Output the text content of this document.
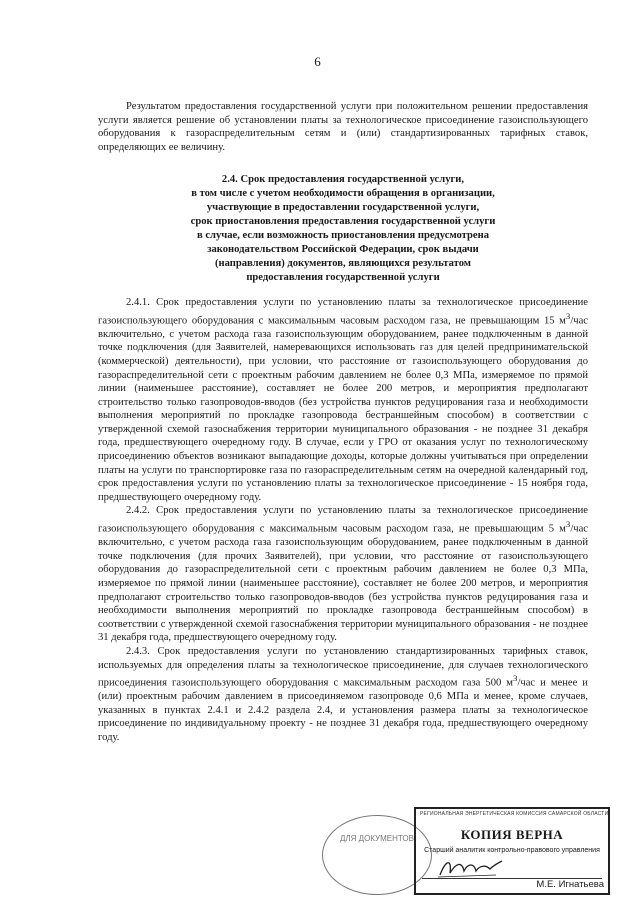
6
Результатом предоставления государственной услуги при положительном решении предоставления услуги является решение об установлении платы за технологическое присоединение газоиспользующего оборудования к газораспределительным сетям и (или) стандартизированных тарифных ставок, определяющих ее величину.
2.4. Срок предоставления государственной услуги,
в том числе с учетом необходимости обращения в организации,
участвующие в предоставлении государственной услуги,
срок приостановления предоставления государственной услуги
в случае, если возможность приостановления предусмотрена
законодательством Российской Федерации, срок выдачи
(направления) документов, являющихся результатом
предоставления государственной услуги

2.4.1. Срок предоставления услуги по установлению платы за технологическое присоединение газоиспользующего оборудования с максимальным часовым расходом газа, не превышающим 15 $м^3$/час включительно, с учетом расхода газа газоиспользующим оборудованием, ранее подключенным в данной точке подключения (для Заявителей, намеревающихся использовать газ для целей предпринимательской (коммерческой) деятельности), при условии, что расстояние от газоиспользующего оборудования до газораспределительной сети с проектным рабочим давлением не более 0,3 МПа, измеряемое по прямой линии (наименьшее расстояние), составляет не более 200 метров, и мероприятия предполагают строительство только газопроводов-вводов (без устройства пунктов редуцирования газа и необходимости выполнения мероприятий по прокладке газопровода бестраншейным способом) в соответствии с утвержденной схемой газоснабжения территории муниципального образования - не позднее 31 декабря года, предшествующего очередному году. В случае, если у ГРО от оказания услуг по технологическому присоединению объектов возникают выпадающие доходы, которые должны учитываться при определении платы на услуги по транспортировке газа по газораспределительным сетям на очередной календарный год, срок предоставления услуги по установлению платы за технологическое присоединение - 15 ноября года, предшествующего очередному году.

2.4.2. Срок предоставления услуги по установлению платы за технологическое присоединение газоиспользующего оборудования с максимальным часовым расходом газа, не превышающим 5 $м^3$/час включительно, с учетом расхода газа газоиспользующим оборудованием, ранее подключенным в данной точке подключения (для прочих Заявителей), при условии, что расстояние от газоиспользующего оборудования до газораспределительной сети с проектным рабочим давлением не более 0,3 МПа, измеряемое по прямой линии (наименьшее расстояние), составляет не более 200 метров, и мероприятия предполагают строительство только газопроводов-вводов (без устройства пунктов редуцирования газа и необходимости выполнения мероприятий по прокладке газопровода бестраншейным способом) в соответствии с утвержденной схемой газоснабжения территории муниципального образования - не позднее 31 декабря года, предшествующего очередному году.

2.4.3. Срок предоставления услуги по установлению стандартизированных тарифных ставок, используемых для определения платы за технологическое присоединение, для случаев технологического присоединения газоиспользующего оборудования с максимальным расходом газа 500 $м^3$/час и менее и (или) проектным рабочим давлением в присоединяемом газопроводе 0,6 МПа и менее, кроме случаев, указанных в пунктах 2.4.1 и 2.4.2 раздела 2.4, и установления размера платы за технологическое присоединение по индивидуальному проекту - не позднее 31 декабря года, предшествующего очередному году.

ДЛЯ ДОКУМЕНТОВ
РЕГИОНАЛЬНАЯ ЭНЕРГЕТИЧЕСКАЯ КОМИССИЯ САМАРСКОЙ ОБЛАСТИ
КОПИЯ ВЕРНА
Старший аналитик контрольно-правового управления
М.Е. Игнатьева
